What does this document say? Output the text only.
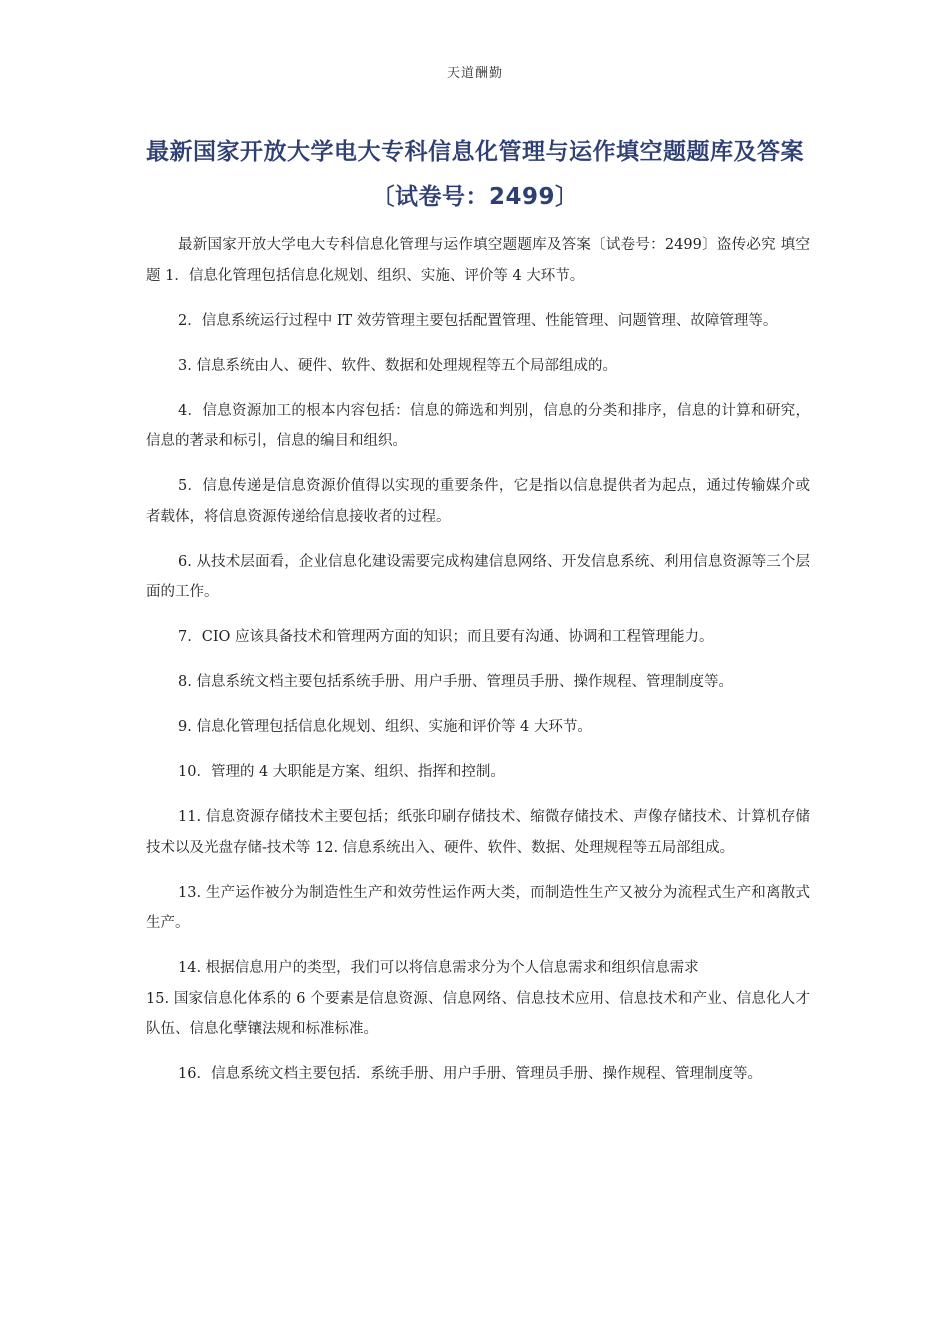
天道酬勤
最新国家开放大学电大专科信息化管理与运作填空题题库及答案〔试卷号：2499〕

最新国家开放大学电大专科信息化管理与运作填空题题库及答案〔试卷号：2499〕盗传必究 填空题 1．信息化管理包括信息化规划、组织、实施、评价等 4 大环节。

2．信息系统运行过程中 IT 效劳管理主要包括配置管理、性能管理、问题管理、故障管理等。

3. 信息系统由人、硬件、软件、数据和处理规程等五个局部组成的。

4．信息资源加工的根本内容包括：信息的筛选和判别，信息的分类和排序，信息的计算和研究，信息的著录和标引，信息的编目和组织。

5．信息传递是信息资源价值得以实现的重要条件，它是指以信息提供者为起点，通过传输媒介或者载体，将信息资源传递给信息接收者的过程。

6. 从技术层面看，企业信息化建设需要完成构建信息网络、开发信息系统、利用信息资源等三个层面的工作。

7．CIO 应该具备技术和管理两方面的知识；而且要有沟通、协调和工程管理能力。

8. 信息系统文档主要包括系统手册、用户手册、管理员手册、操作规程、管理制度等。

9. 信息化管理包括信息化规划、组织、实施和评价等 4 大环节。

10．管理的 4 大职能是方案、组织、指挥和控制。

11. 信息资源存储技术主要包括；纸张印刷存储技术、缩微存储技术、声像存储技术、计算机存储技术以及光盘存储-技术等 12. 信息系统出入、硬件、软件、数据、处理规程等五局部组成。

13. 生产运作被分为制造性生产和效劳性运作两大类，而制造性生产又被分为流程式生产和离散式生产。

14. 根据信息用户的类型，我们可以将信息需求分为个人信息需求和组织信息需求

15. 国家信息化体系的 6 个要素是信息资源、信息网络、信息技术应用、信息技术和产业、信息化人才队伍、信息化孽镶法规和标准标准。

16．信息系统文档主要包括．系统手册、用户手册、管理员手册、操作规程、管理制度等。
